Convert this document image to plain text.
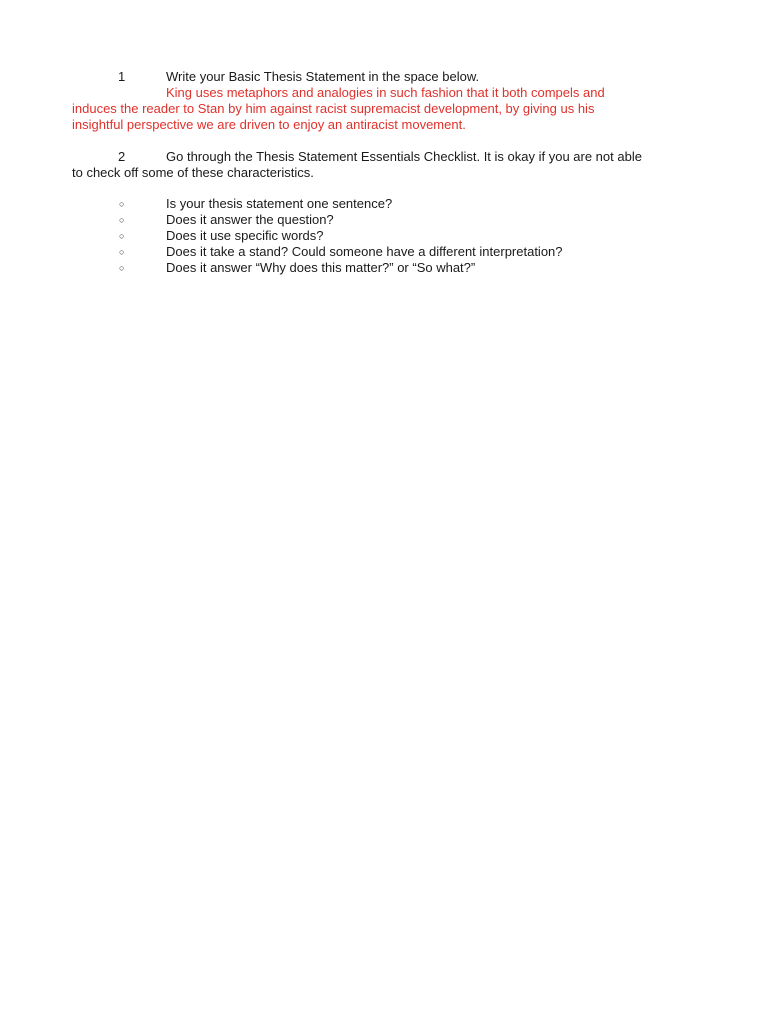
1	Write your Basic Thesis Statement in the space below.
King uses metaphors and analogies in such fashion that it both compels and
induces the reader to Stan by him against racist supremacist development, by giving us his
insightful perspective we are driven to enjoy an antiracist movement.
2	Go through the Thesis Statement Essentials Checklist. It is okay if you are not able
to check off some of these characteristics.
○	Is your thesis statement one sentence?
○	Does it answer the question?
○	Does it use specific words?
○	Does it take a stand? Could someone have a different interpretation?
○	Does it answer “Why does this matter?” or “So what?”
